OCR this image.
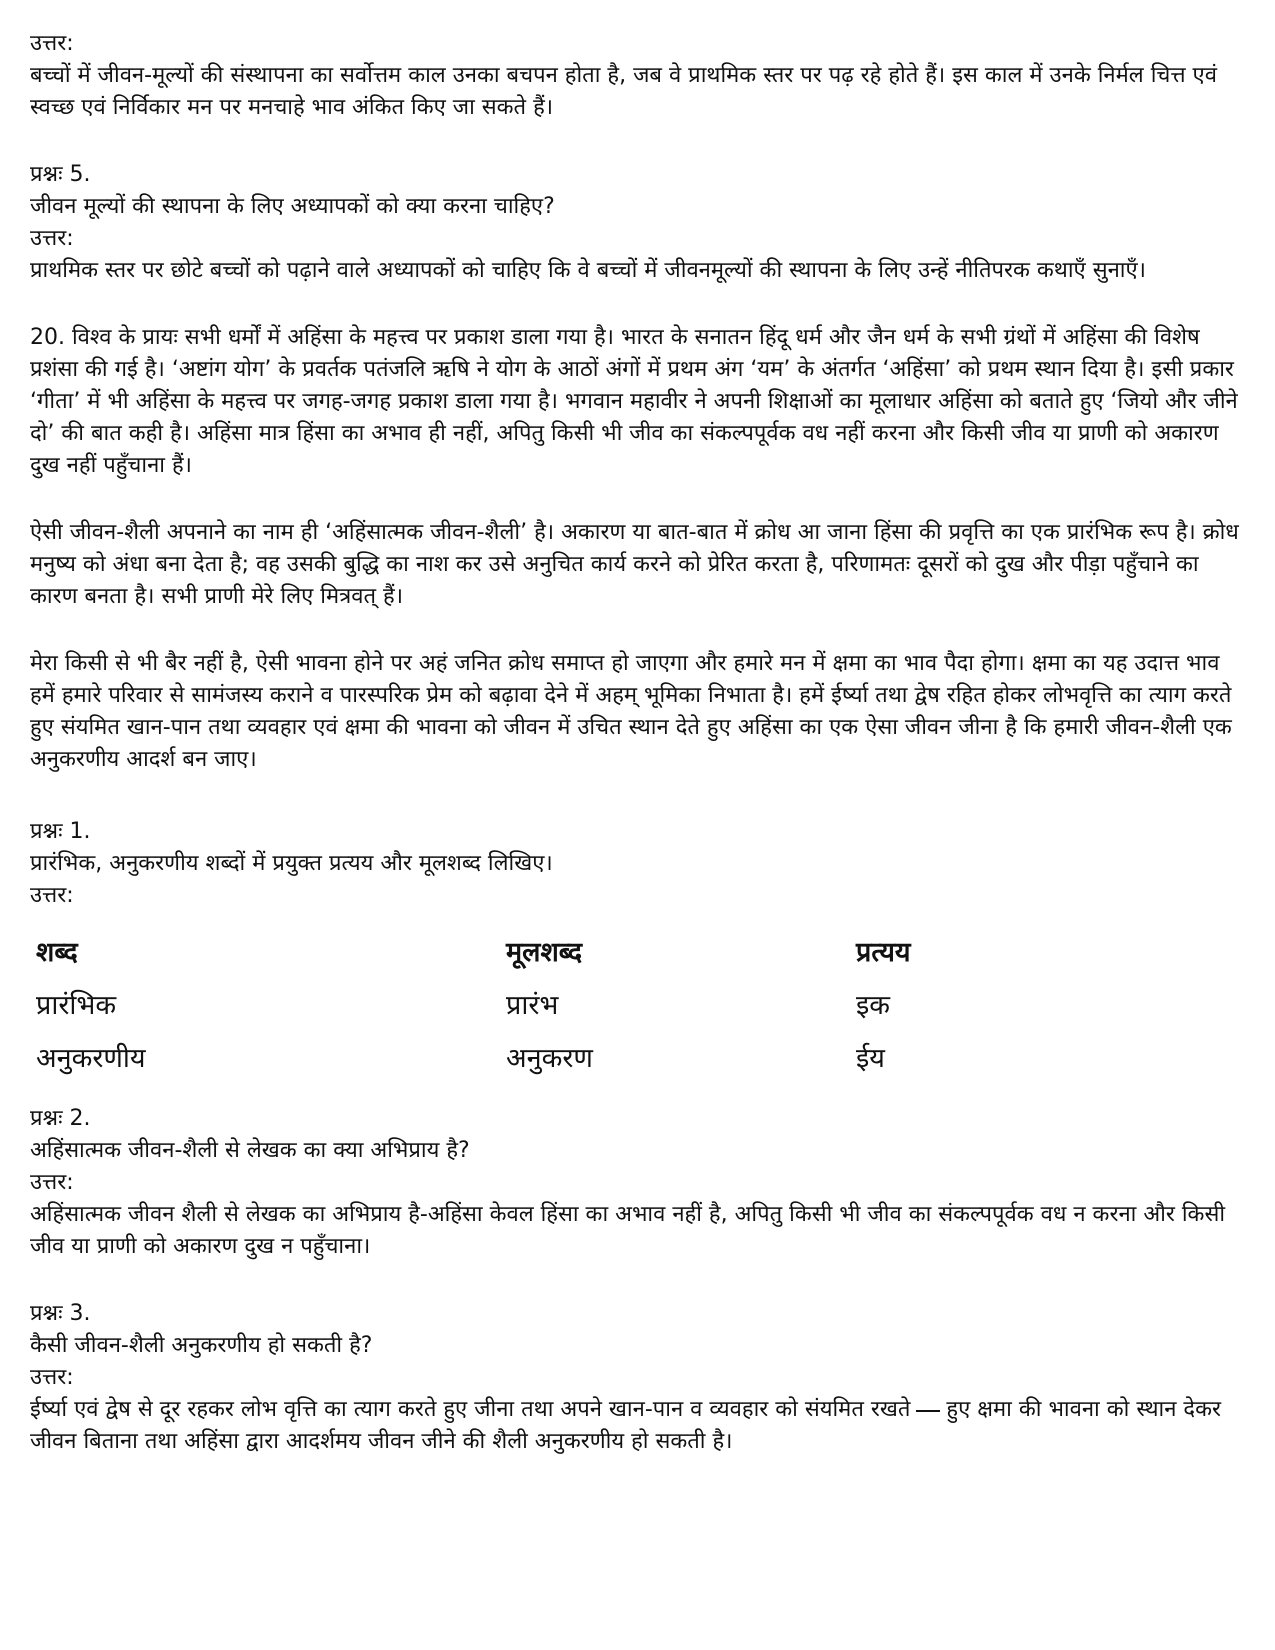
उत्तर:

बच्चों में जीवन-मूल्यों की संस्थापना का सर्वोत्तम काल उनका बचपन होता है, जब वे प्राथमिक स्तर पर पढ़ रहे होते हैं। इस काल में उनके निर्मल चित्त एवं स्वच्छ एवं निर्विकार मन पर मनचाहे भाव अंकित किए जा सकते हैं।

प्रश्नः 5.

जीवन मूल्यों की स्थापना के लिए अध्यापकों को क्या करना चाहिए?

उत्तर:

प्राथमिक स्तर पर छोटे बच्चों को पढ़ाने वाले अध्यापकों को चाहिए कि वे बच्चों में जीवनमूल्यों की स्थापना के लिए उन्हें नीतिपरक कथाएँ सुनाएँ।

20. विश्व के प्रायः सभी धर्मों में अहिंसा के महत्त्व पर प्रकाश डाला गया है। भारत के सनातन हिंदू धर्म और जैन धर्म के सभी ग्रंथों में अहिंसा की विशेष प्रशंसा की गई है। ‘अष्टांग योग’ के प्रवर्तक पतंजलि ऋषि ने योग के आठों अंगों में प्रथम अंग ‘यम’ के अंतर्गत ‘अहिंसा’ को प्रथम स्थान दिया है। इसी प्रकार ‘गीता’ में भी अहिंसा के महत्त्व पर जगह-जगह प्रकाश डाला गया है। भगवान महावीर ने अपनी शिक्षाओं का मूलाधार अहिंसा को बताते हुए ‘जियो और जीने दो’ की बात कही है। अहिंसा मात्र हिंसा का अभाव ही नहीं, अपितु किसी भी जीव का संकल्पपूर्वक वध नहीं करना और किसी जीव या प्राणी को अकारण दुख नहीं पहुँचाना हैं।

ऐसी जीवन-शैली अपनाने का नाम ही ‘अहिंसात्मक जीवन-शैली’ है। अकारण या बात-बात में क्रोध आ जाना हिंसा की प्रवृत्ति का एक प्रारंभिक रूप है। क्रोध मनुष्य को अंधा बना देता है; वह उसकी बुद्धि का नाश कर उसे अनुचित कार्य करने को प्रेरित करता है, परिणामतः दूसरों को दुख और पीड़ा पहुँचाने का कारण बनता है। सभी प्राणी मेरे लिए मित्रवत् हैं।

मेरा किसी से भी बैर नहीं है, ऐसी भावना होने पर अहं जनित क्रोध समाप्त हो जाएगा और हमारे मन में क्षमा का भाव पैदा होगा। क्षमा का यह उदात्त भाव हमें हमारे परिवार से सामंजस्य कराने व पारस्परिक प्रेम को बढ़ावा देने में अहम् भूमिका निभाता है। हमें ईर्ष्या तथा द्वेष रहित होकर लोभवृत्ति का त्याग करते हुए संयमित खान-पान तथा व्यवहार एवं क्षमा की भावना को जीवन में उचित स्थान देते हुए अहिंसा का एक ऐसा जीवन जीना है कि हमारी जीवन-शैली एक अनुकरणीय आदर्श बन जाए।

प्रश्नः 1.

प्रारंभिक, अनुकरणीय शब्दों में प्रयुक्त प्रत्यय और मूलशब्द लिखिए।

उत्तर:

शब्द	मूलशब्द	प्रत्यय
प्रारंभिक	प्रारंभ	इक
अनुकरणीय	अनुकरण	ईय

प्रश्नः 2.

अहिंसात्मक जीवन-शैली से लेखक का क्या अभिप्राय है?

उत्तर:

अहिंसात्मक जीवन शैली से लेखक का अभिप्राय है-अहिंसा केवल हिंसा का अभाव नहीं है, अपितु किसी भी जीव का संकल्पपूर्वक वध न करना और किसी जीव या प्राणी को अकारण दुख न पहुँचाना।

प्रश्नः 3.

कैसी जीवन-शैली अनुकरणीय हो सकती है?

उत्तर:

ईर्ष्या एवं द्वेष से दूर रहकर लोभ वृत्ति का त्याग करते हुए जीना तथा अपने खान-पान व व्यवहार को संयमित रखते हुए क्षमा की भावना को स्थान देकर जीवन बिताना तथा अहिंसा द्वारा आदर्शमय जीवन जीने की शैली अनुकरणीय हो सकती है।
